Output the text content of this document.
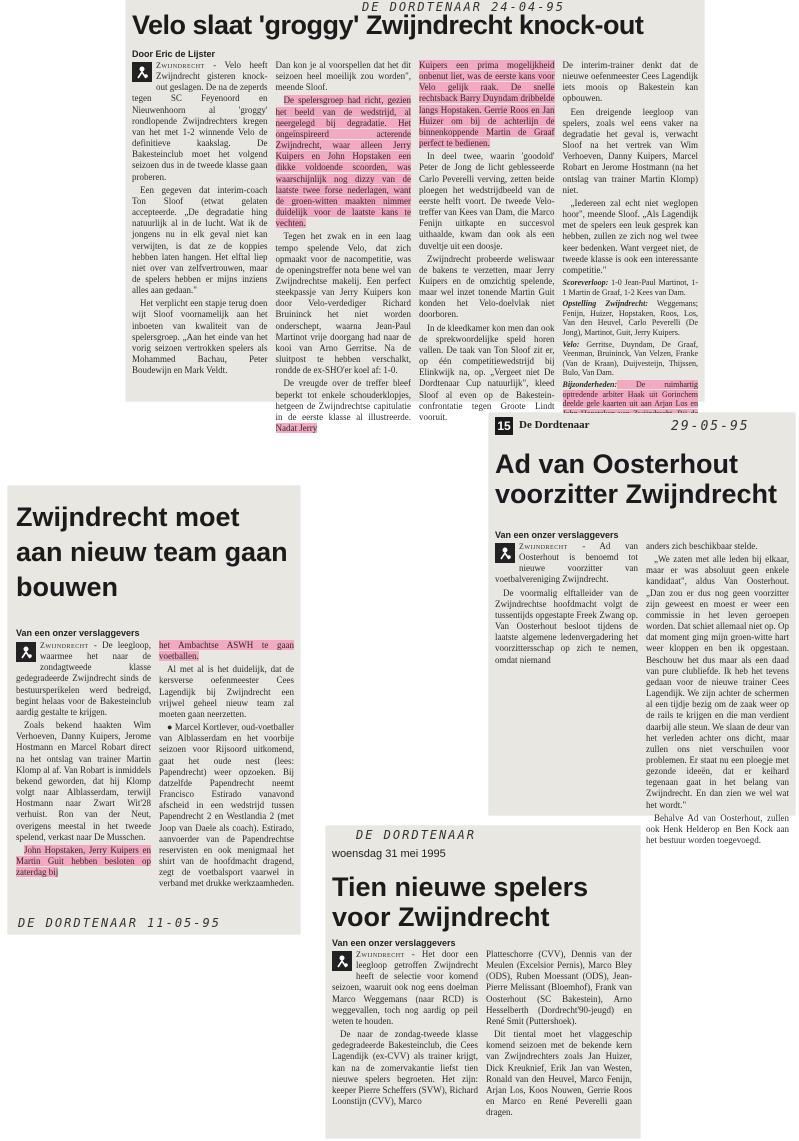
DE DORDTENAAR 24-04-95
Velo slaat 'groggy' Zwijndrecht knock-out
Door Eric de Lijster

Zwijndrecht - Velo heeft Zwijndrecht gisteren knock-out geslagen. De na de zeperds tegen SC Feyenoord en Nieuwenhoorn al 'groggy' rondlopende Zwijndrechters kregen van het met 1-2 winnende Velo de definitieve kaakslag. De Bakesteinclub moet het volgend seizoen dus in de tweede klasse gaan proberen.

Een gegeven dat interim-coach Ton Sloof (etwat gelaten accepteerde. „De degradatie hing natuurlijk al in de lucht. Wat ik de jongens nu in elk geval niet kan verwijten, is dat ze de koppies hebben laten hangen. Het elftal liep niet over van zelfvertrouwen, maar de spelers hebben er mijns inziens alles aan gedaan."

Het verplicht een stapje terug doen wijt Sloof voornamelijk aan het inboeten van kwaliteit van de spelersgroep. „Aan het einde van het vorig seizoen vertrokken spelers als Mohammed Bachau, Peter Boudewijn en Mark Veldt.

Dan kon je al voorspellen dat het dit seizoen heel moeilijk zou worden", meende Sloof.

De spelersgroep had richt, gezien het beeld van de wedstrijd, al neergelegd bij degradatie. Het ongeïnspireerd acterende Zwijndrecht, waar alleen Jerry Kuipers en John Hopstaken een dikke voldoende scoorden, was waarschijnlijk nog dizzy van de laatste twee forse nederlagen, want de groen-witten maakten nimmer duidelijk voor de laatste kans te vechten.

Tegen het zwak en in een laag tempo spelende Velo, dat zich opmaakt voor de nacompetitie, was de openingstreffer nota bene wel van Zwijndrechtse makelij. Een perfect steekpassje van Jerry Kuipers kon door Velo-verdediger Richard Bruininck het niet worden onderschept, waarna Jean-Paul Martinot vrije doorgang had naar de kooi van Arno Gerritse. Na de sluitpost te hebben verschalkt, rondde de ex-SHO'er koel af: 1-0.

De vreugde over de treffer bleef beperkt tot enkele schouderklopjes, hetgeen de Zwijndrechtse capitulatie in de eerste klasse al illustreerde. Nadat Jerry

Kuipers een prima mogelijkheid onbenut liet, was de eerste kans voor Velo gelijk raak. De snelle rechtsback Barry Duyndam dribbelde langs Hopstaken. Gerrie Roos en Jan Huizer om bij de achterlijn de binnenkoppende Martin de Graaf perfect te bedienen.

In deel twee, waarin 'goodold' Peter de Jong de licht geblesseerde Carlo Peverelli verving, zetten beide ploegen het wedstrijdbeeld van de eerste helft voort. De tweede Velo-treffer van Kees van Dam, die Marco Fenijn uitkapte en succesvol uithaalde, kwam dan ook als een duveltje uit een doosje.

Zwijndrecht probeerde weliswaar de bakens te verzetten, maar Jerry Kuipers en de omzichtig spelende, maar wel inzet tonende Martin Guit konden het Velo-doelvlak niet doorboren.

In de kleedkamer kon men dan ook de sprekwoordelijke speld horen vallen. De taak van Ton Sloof zit er, op één competitiewedstrijd bij Elinkwijk na, op. „Vergeet niet De Dordtenaar Cup natuurlijk", kleed Sloof al even op de Bakestein-confrontatie tegen Groote Lindt vooruit.

De interim-trainer denkt dat de nieuwe oefenmeester Cees Lagendijk iets moois op Bakestein kan opbouwen.

Een dreigende leegloop van spelers, zoals wel eens vaker na degradatie het geval is, verwacht Sloof na het vertrek van Wim Verhoeven, Danny Kuipers, Marcel Robart en Jerome Hostmann (na het ontslag van trainer Martin Klomp) niet.

„Iedereen zal echt niet weglopen hoor", meende Sloof. „Als Lagendijk met de spelers een leuk gesprek kan hebben, zullen ze zich nog wel twee keer bedenken. Want vergeet niet, de tweede klasse is ook een interessante competitie."

Scoreverloop: 1-0 Jean-Paul Martinot, 1-1 Martin de Graaf, 1-2 Kees van Dam.

Opstelling Zwijndrecht: Weggemans; Fenijn, Huizer, Hopstaken, Roos, Los, Van den Heuvel, Carlo Peverelli (De Jong), Martinot, Guit, Jerry Kuipers.

Velo: Gerritse, Duyndam, De Graaf, Veenman, Bruininck, Van Velzen, Franke (Van de Kraan), Duijvesteijn, Thijssen, Bulo, Van Dam.

Bijzonderheden: De ruimhartig optredende arbiter Haak uit Gorinchem deelde gele kaarten uit aan Arjan Los en

15 De Dordtenaar	29-05-95
Ad van Oosterhout voorzitter Zwijndrecht
Van een onzer verslaggevers

Zwijndrecht - Ad van Oosterhout is benoemd tot nieuwe voorzitter van voetbalvereniging Zwijndrecht.

De voormalig elftalleider van de Zwijndrechtse hoofdmacht volgt de tussentijds opgestapte Freek Zwang op. Van Oosterhout besloot tijdens de laatste algemene ledenvergadering het voorzittersschap op zich te nemen, omdat niemand

anders zich beschikbaar stelde.

„We zaten met alle leden bij elkaar, maar er was absoluut geen enkele kandidaat", aldus Van Oosterhout. „Dan zou er dus nog geen voorzitter zijn geweest en moest er weer een commissie in het leven geroepen worden. Dat schiet allemaal niet op. Op dat moment ging mijn groen-witte hart weer kloppen en ben ik opgestaan. Beschouw het dus maar als een daad van pure clubliefde. Ik heb het tevens gedaan voor de nieuwe trainer Cees Lagendijk. We zijn achter de schermen al een tijdje bezig om de zaak weer op de rails te krijgen en die man verdient daarbij alle steun. We slaan de deur van het verleden achter ons dicht, maar zullen ons niet verschuilen voor problemen. Er staat nu een ploegje met gezonde ideeën, dat er keihard tegenaan gaat in het belang van Zwijndrecht. En dan zien we wel wat het wordt."

Behalve Ad van Oosterhout, zullen ook Henk Helderop en Ben Kock aan het bestuur worden toegevoegd.

Zwijndrecht moet aan nieuw team gaan bouwen
Van een onzer verslaggevers

Zwijndrecht - De leegloop, waarmee het naar de zondagtweede klasse gedegradeerde Zwijndrecht sinds de bestuursperikelen werd bedreigd, begint helaas voor de Bakesteinclub aardig gestalte te krijgen.

Zoals bekend haakten Wim Verhoeven, Danny Kuipers, Jerome Hostmann en Marcel Robart direct na het ontslag van trainer Martin Klomp al af. Van Robart is inmiddels bekend geworden, dat hij Klomp volgt naar Alblasserdam, terwijl Hostmann naar Zwart Wit'28 verhuist. Ron van der Neut, overigens meestal in het tweede spelend, verkast naar De Musschen.

John Hopstaken, Jerry Kuipers en Martin Guit hebben besloten op zaterdag bij

het Ambachtse ASWH te gaan voetballen.

Al met al is het duidelijk, dat de kersverse oefenmeester Cees Lagendijk bij Zwijndrecht een vrijwel geheel nieuw team zal moeten gaan neerzetten.

● Marcel Kortlever, oud-voetballer van Alblasserdam en het voorbije seizoen voor Rijsoord uitkomend, gaat het oude nest (lees: Papendrecht) weer opzoeken. Bij datzelfde Papendrecht neemt Francisco Estirado vanavond afscheid in een wedstrijd tussen Papendrecht 2 en Westlandia 2 (met Joop van Daele als coach). Estirado, aanvoerder van de Papendrechtse reservisten en ook menigmaal het shirt van de hoofdmacht dragend, zegt de voetbalsport vaarwel in verband met drukke werkzaamheden.

DE DORDTENAAR 11-05-95
DE DORDTENAAR
woensdag 31 mei 1995
Tien nieuwe spelers voor Zwijndrecht
Van een onzer verslaggevers

Zwijndrecht - Het door een leegloop getroffen Zwijndrecht heeft de selectie voor komend seizoen, waaruit ook nog eens doelman Marco Weggemans (naar RCD) is weggevallen, toch nog aardig op peil weten te houden.

De naar de zondag-tweede klasse gedegradeerde Bakesteinclub, die Cees Lagendijk (ex-CVV) als trainer krijgt, kan na de zomervakantie liefst tien nieuwe spelers begroeten. Het zijn: keeper Pierre Scheffers (SVW), Richard Loonstijn (CVV), Marco

Platteschorre (CVV), Dennis van der Meulen (Excelsior Pernis), Marco Bley (ODS), Ruben Moessant (ODS), Jean-Pierre Melissant (Bloemhof), Frank van Oosterhout (SC Bakestein), Arno Hesselberth (Dordrecht'90-jeugd) en René Smit (Puttershoek).

Dit tiental moet het vlaggeschip komend seizoen met de bekende kern van Zwijndrechters zoals Jan Huizer, Dick Kreuknief, Erik Jan van Westen, Ronald van den Heuvel, Marco Fenijn, Arjan Los, Koos Nouwen, Gerrie Roos en Marco en René Peverelli gaan dragen.
